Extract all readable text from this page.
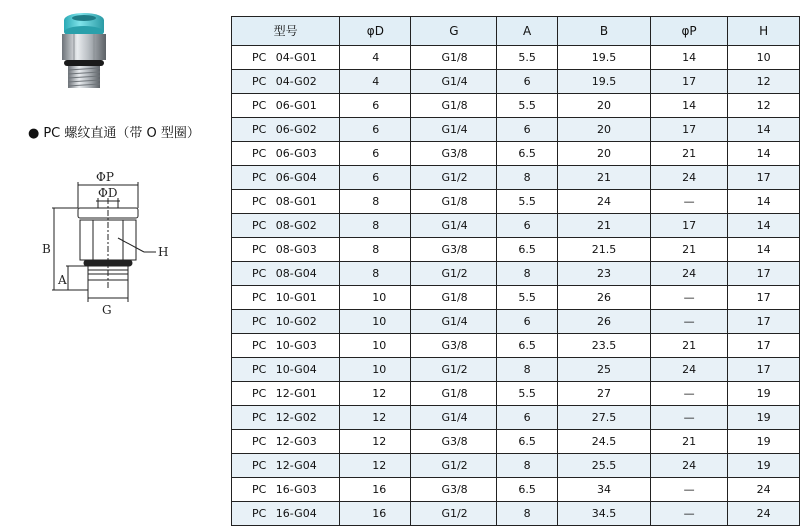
● PC 螺纹直通（带 O 型圈）
ΦP
ΦD
B
A
G
H
型号	φD	G	A	B	φP	H
PC 04-G01	4	G1/8	5.5	19.5	14	10
PC 04-G02	4	G1/4	6	19.5	17	12
PC 06-G01	6	G1/8	5.5	20	14	12
PC 06-G02	6	G1/4	6	20	17	14
PC 06-G03	6	G3/8	6.5	20	21	14
PC 06-G04	6	G1/2	8	21	24	17
PC 08-G01	8	G1/8	5.5	24	—	14
PC 08-G02	8	G1/4	6	21	17	14
PC 08-G03	8	G3/8	6.5	21.5	21	14
PC 08-G04	8	G1/2	8	23	24	17
PC 10-G01	10	G1/8	5.5	26	—	17
PC 10-G02	10	G1/4	6	26	—	17
PC 10-G03	10	G3/8	6.5	23.5	21	17
PC 10-G04	10	G1/2	8	25	24	17
PC 12-G01	12	G1/8	5.5	27	—	19
PC 12-G02	12	G1/4	6	27.5	—	19
PC 12-G03	12	G3/8	6.5	24.5	21	19
PC 12-G04	12	G1/2	8	25.5	24	19
PC 16-G03	16	G3/8	6.5	34	—	24
PC 16-G04	16	G1/2	8	34.5	—	24
